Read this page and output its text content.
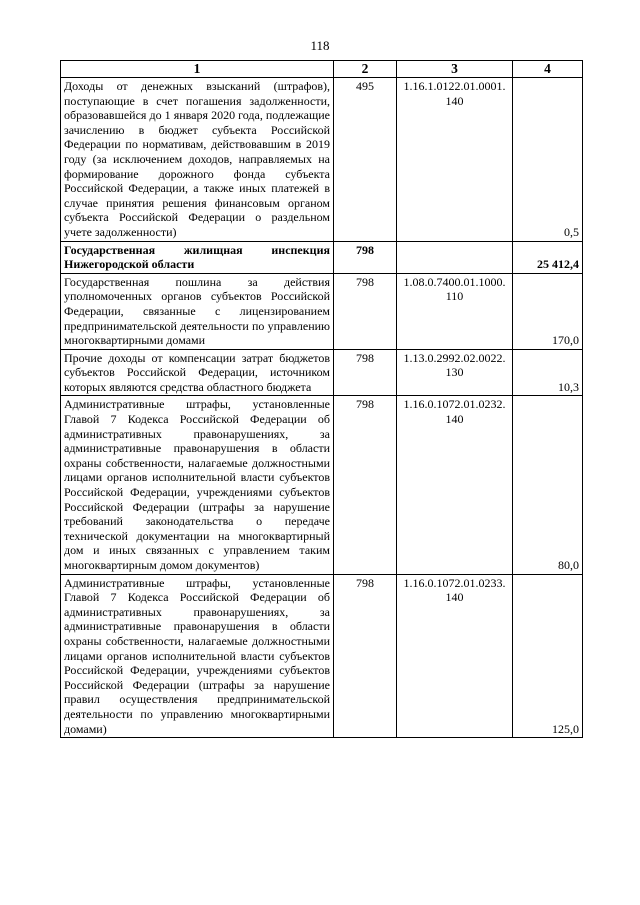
118
1	2	3	4
Доходы от денежных взысканий (штрафов), поступающие в счет погашения задолженности, образовавшейся до 1 января 2020 года, подлежащие зачислению в бюджет субъекта Российской Федерации по нормативам, действовавшим в 2019 году (за исключением доходов, направляемых на формирование дорожного фонда субъекта Российской Федерации, а также иных платежей в случае принятия решения финансовым органом субъекта Российской Федерации о раздельном учете задолженности)	495	1.16.1.0122.01.0001. 140	0,5
Государственная жилищная инспекция Нижегородской области	798		25 412,4
Государственная пошлина за действия уполномоченных органов субъектов Российской Федерации, связанные с лицензированием предпринимательской деятельности по управлению многоквартирными домами	798	1.08.0.7400.01.1000. 110	170,0
Прочие доходы от компенсации затрат бюджетов субъектов Российской Федерации, источником которых являются средства областного бюджета	798	1.13.0.2992.02.0022. 130	10,3
Административные штрафы, установленные Главой 7 Кодекса Российской Федерации об административных правонарушениях, за административные правонарушения в области охраны собственности, налагаемые должностными лицами органов исполнительной власти субъектов Российской Федерации, учреждениями субъектов Российской Федерации (штрафы за нарушение требований законодательства о передаче технической документации на многоквартирный дом и иных связанных с управлением таким многоквартирным домом документов)	798	1.16.0.1072.01.0232. 140	80,0
Административные штрафы, установленные Главой 7 Кодекса Российской Федерации об административных правонарушениях, за административные правонарушения в области охраны собственности, налагаемые должностными лицами органов исполнительной власти субъектов Российской Федерации, учреждениями субъектов Российской Федерации (штрафы за нарушение правил осуществления предпринимательской деятельности по управлению многоквартирными домами)	798	1.16.0.1072.01.0233. 140	125,0
